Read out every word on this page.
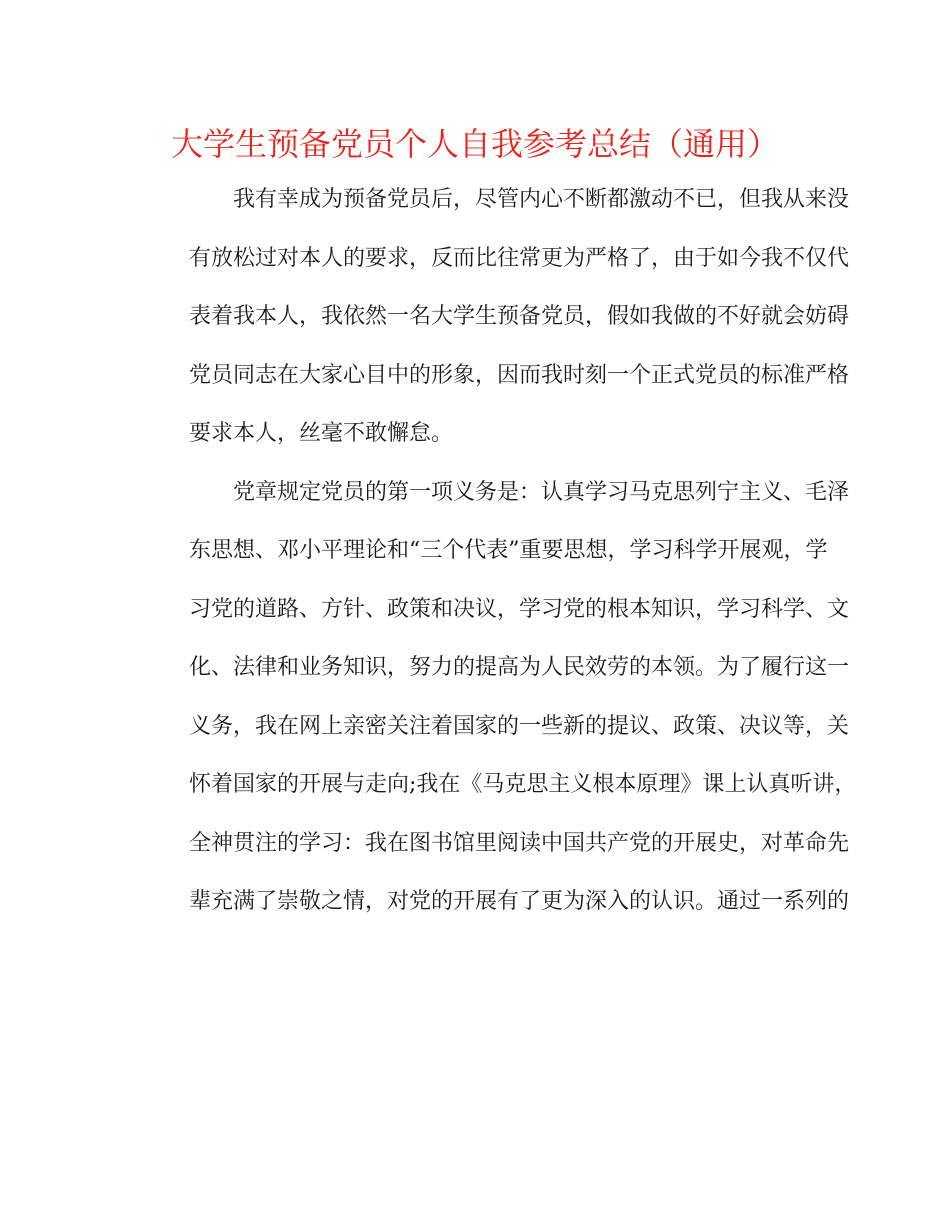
大学生预备党员个人自我参考总结（通用）
我有幸成为预备党员后，尽管内心不断都激动不已，但我从来没
有放松过对本人的要求，反而比往常更为严格了，由于如今我不仅代
表着我本人，我依然一名大学生预备党员，假如我做的不好就会妨碍
党员同志在大家心目中的形象，因而我时刻一个正式党员的标准严格
要求本人，丝毫不敢懈怠。
党章规定党员的第一项义务是：认真学习马克思列宁主义、毛泽
东思想、邓小平理论和“三个代表”重要思想，学习科学开展观，学
习党的道路、方针、政策和决议，学习党的根本知识，学习科学、文
化、法律和业务知识，努力的提高为人民效劳的本领。为了履行这一
义务，我在网上亲密关注着国家的一些新的提议、政策、决议等，关
怀着国家的开展与走向;我在《马克思主义根本原理》课上认真听讲，
全神贯注的学习：我在图书馆里阅读中国共产党的开展史，对革命先
辈充满了崇敬之情，对党的开展有了更为深入的认识。通过一系列的
